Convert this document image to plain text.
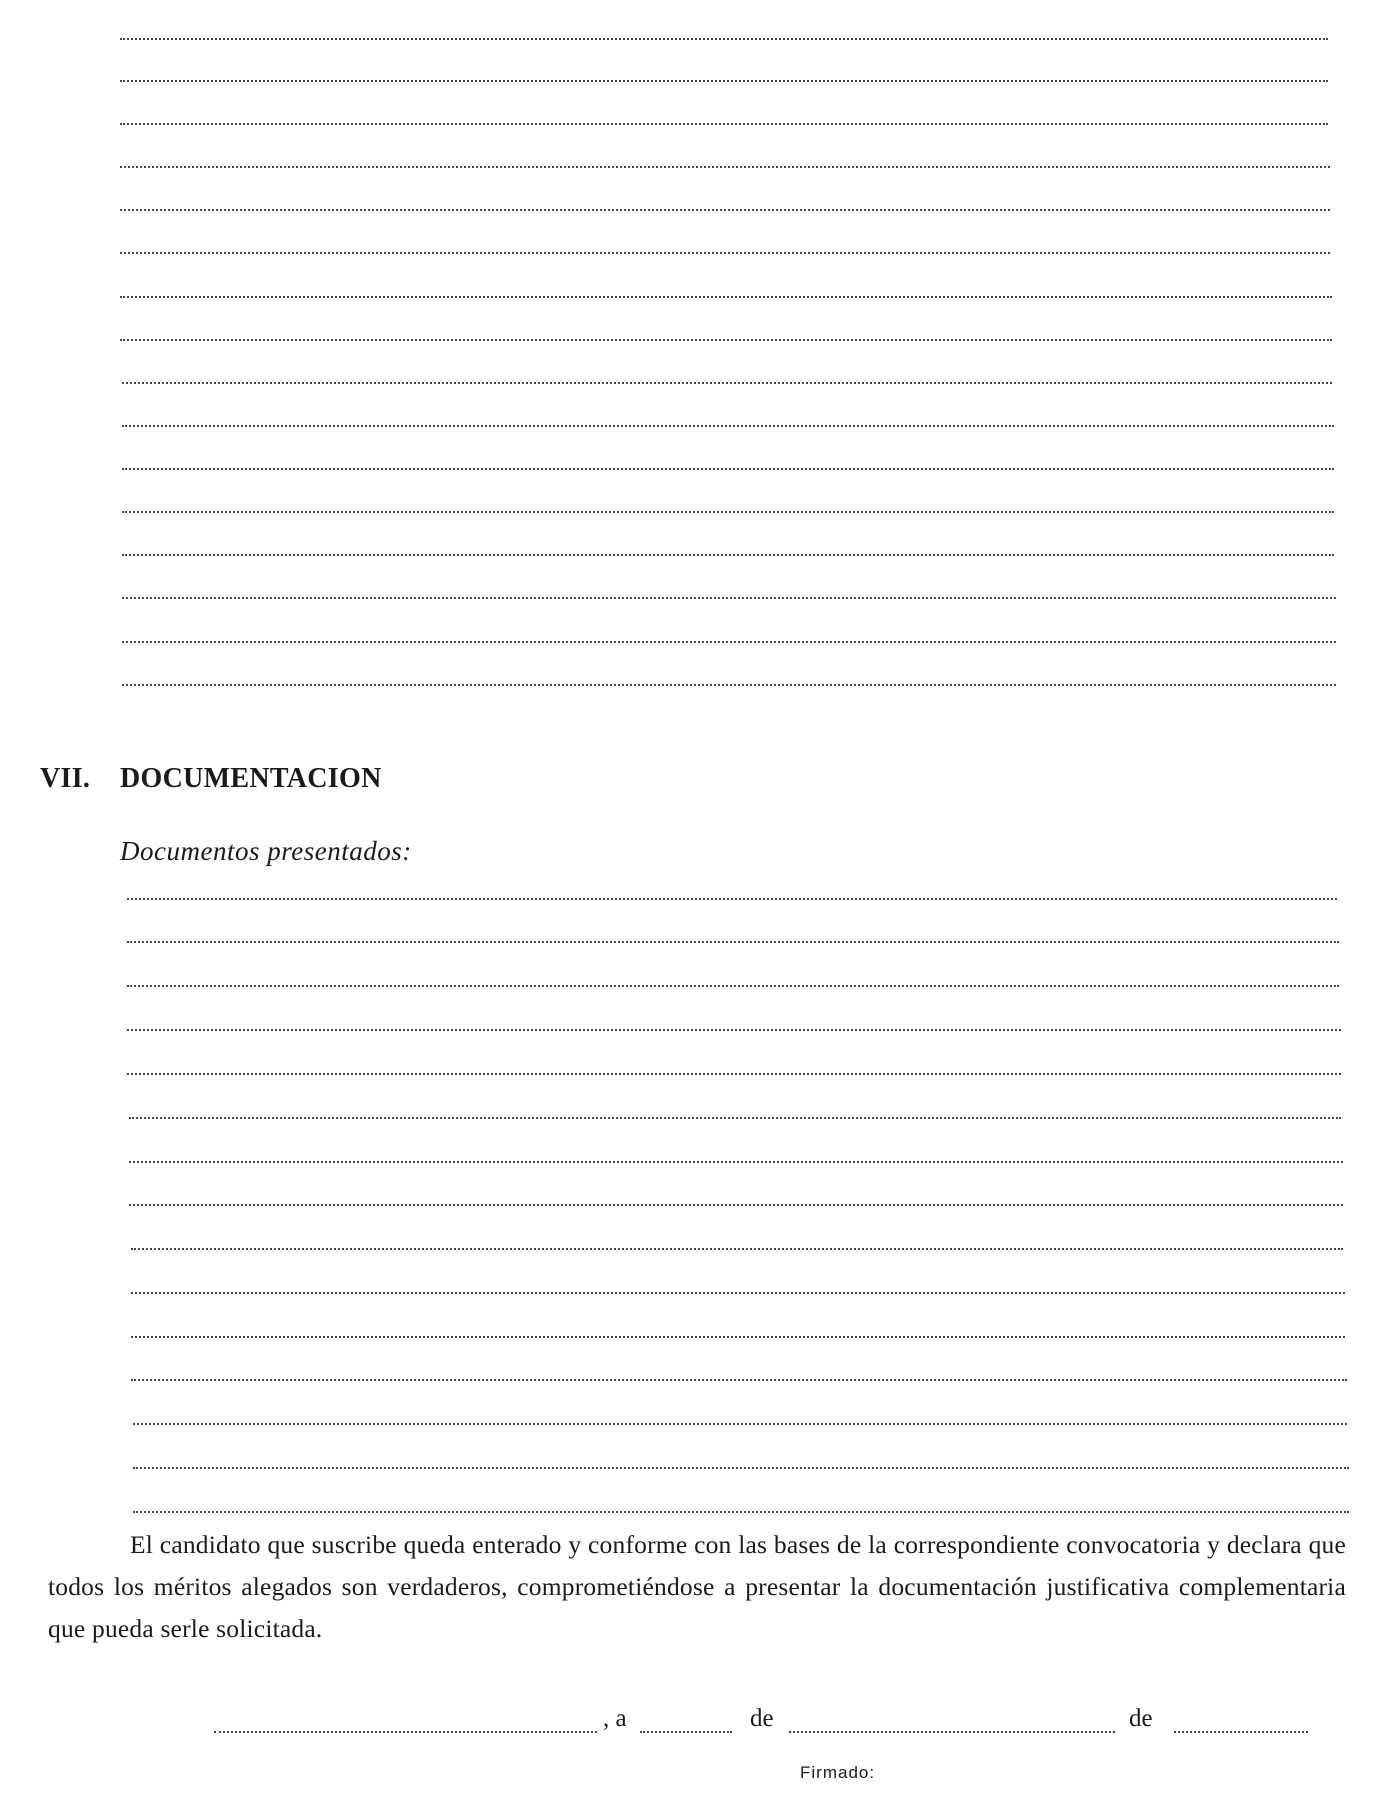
VII. DOCUMENTACION
Documentos presentados:
El candidato que suscribe queda enterado y conforme con las bases de la correspondiente convocatoria y declara que todos los méritos alegados son verdaderos, comprometiéndose a presentar la documentación justificativa complementaria que pueda serle solicitada.
, a	de	de
Firmado:
